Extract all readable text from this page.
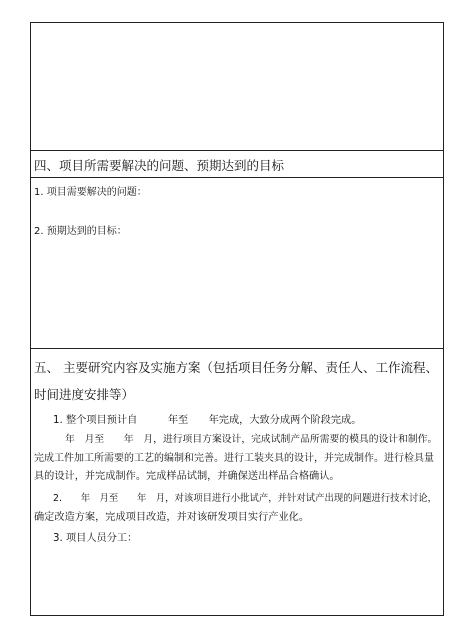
四、项目所需要解决的问题、预期达到的目标
1. 项目需要解决的问题：
2. 预期达到的目标：
五、 主要研究内容及实施方案（包括项目任务分解、责任人、工作流程、
时间进度安排等）
1. 整个项目预计自　　　年至　　年完成，大致分成两个阶段完成。
年　月至　　年　月，进行项目方案设计，完成试制产品所需要的模具的设计和制作。
完成工件加工所需要的工艺的编制和完善。进行工装夹具的设计，并完成制作。进行检具量
具的设计，并完成制作。完成样品试制，并确保送出样品合格确认。
2.　　年　月至　　年　月，对该项目进行小批试产，并针对试产出现的问题进行技术讨论，
确定改造方案，完成项目改造，并对该研发项目实行产业化。
3. 项目人员分工：
